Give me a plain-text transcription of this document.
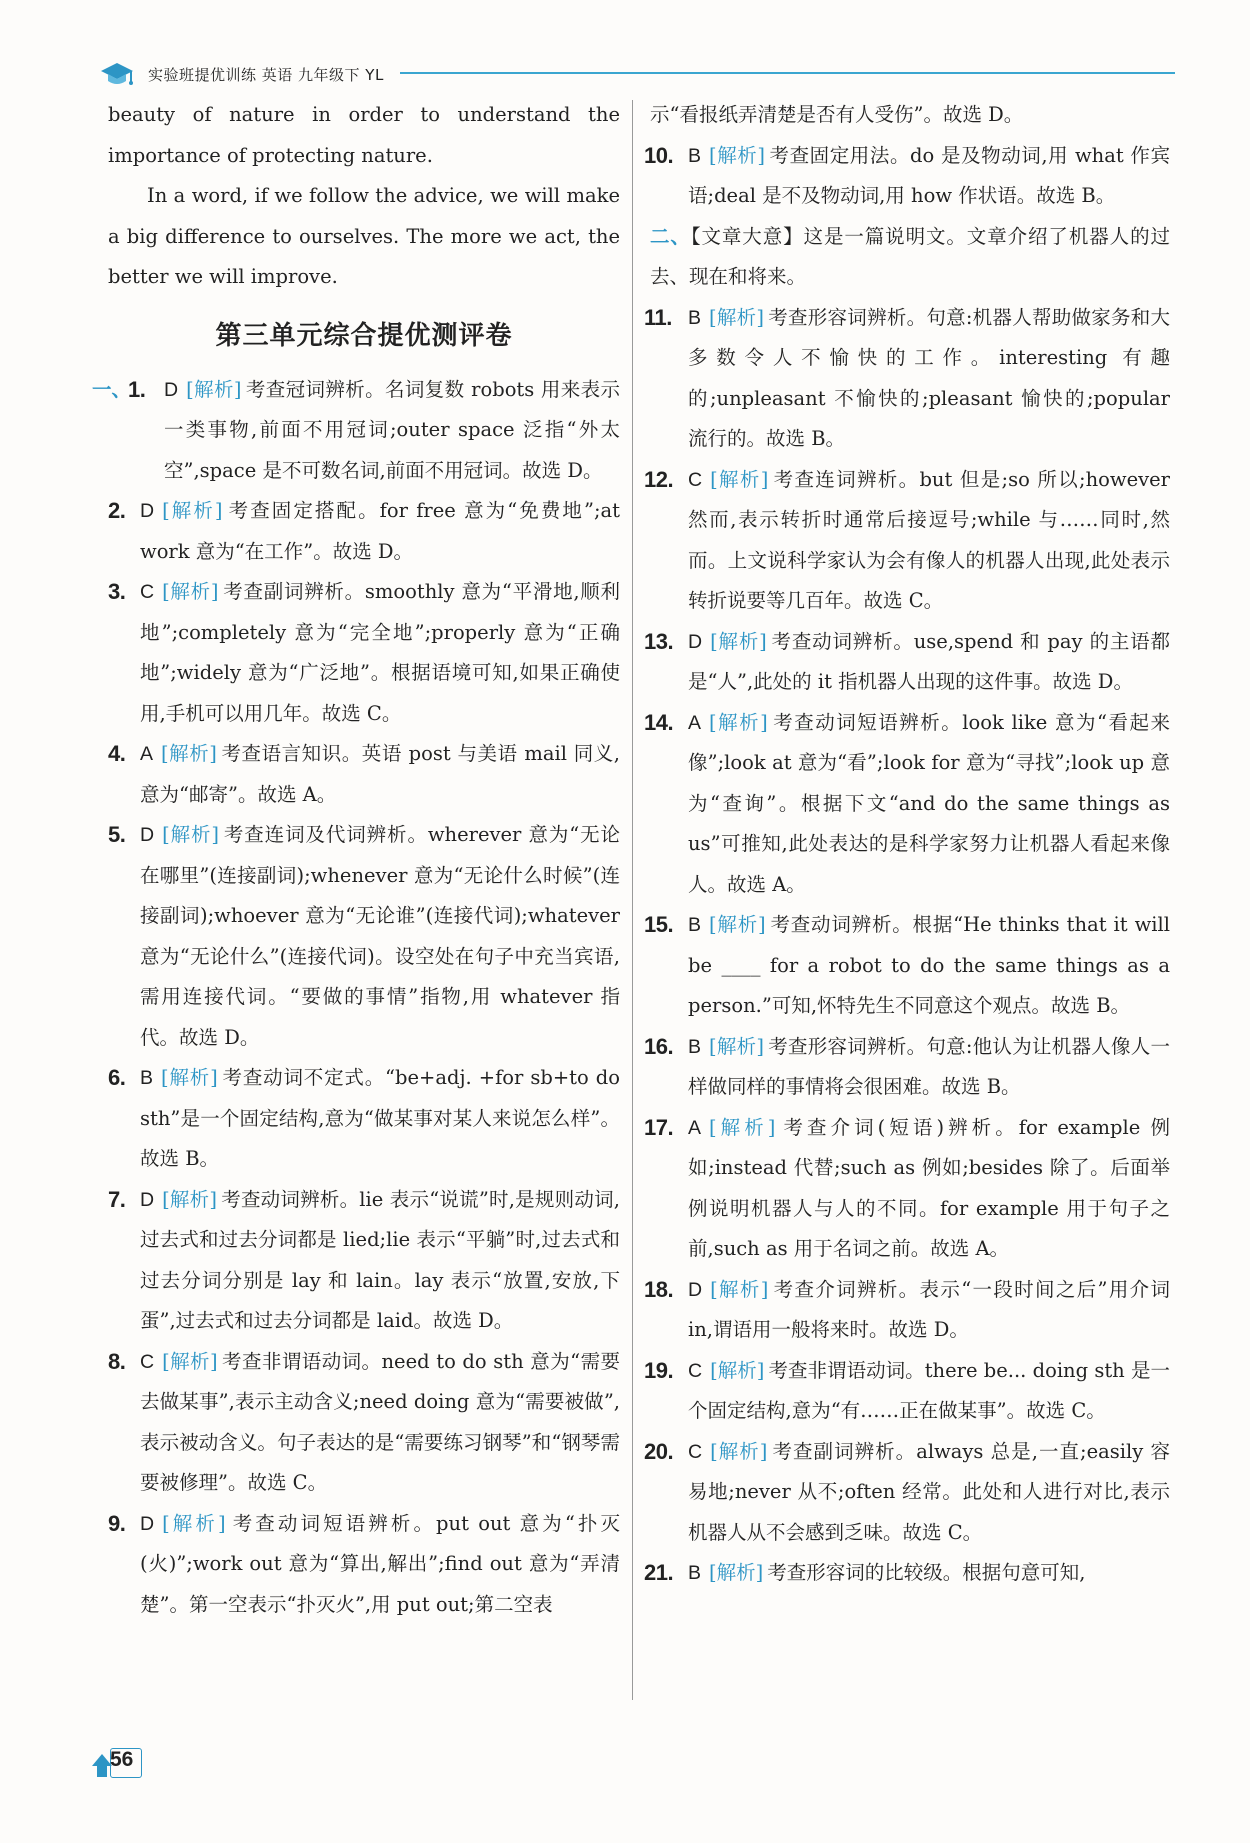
实验班提优训练 英语 九年级下 YL
beauty of nature in order to understand the importance of protecting nature.
In a word, if we follow the advice, we will make a big difference to ourselves. The more we act, the better we will improve.
第三单元综合提优测评卷
一、
1. D [解析] 考查冠词辨析。名词复数 robots 用来表示一类事物,前面不用冠词;outer space 泛指“外太空”,space 是不可数名词,前面不用冠词。故选 D。
2. D [解析] 考查固定搭配。for free 意为“免费地”;at work 意为“在工作”。故选 D。
3. C [解析] 考查副词辨析。smoothly 意为“平滑地,顺利地”;completely 意为“完全地”;properly 意为“正确地”;widely 意为“广泛地”。根据语境可知,如果正确使用,手机可以用几年。故选 C。
4. A [解析] 考查语言知识。英语 post 与美语 mail 同义,意为“邮寄”。故选 A。
5. D [解析] 考查连词及代词辨析。wherever 意为“无论在哪里”(连接副词);whenever 意为“无论什么时候”(连接副词);whoever 意为“无论谁”(连接代词);whatever 意为“无论什么”(连接代词)。设空处在句子中充当宾语,需用连接代词。“要做的事情”指物,用 whatever 指代。故选 D。
6. B [解析] 考查动词不定式。“be+adj. +for sb+to do sth”是一个固定结构,意为“做某事对某人来说怎么样”。故选 B。
7. D [解析] 考查动词辨析。lie 表示“说谎”时,是规则动词,过去式和过去分词都是 lied;lie 表示“平躺”时,过去式和过去分词分别是 lay 和 lain。lay 表示“放置,安放,下蛋”,过去式和过去分词都是 laid。故选 D。
8. C [解析] 考查非谓语动词。need to do sth 意为“需要去做某事”,表示主动含义;need doing 意为“需要被做”,表示被动含义。句子表达的是“需要练习钢琴”和“钢琴需要被修理”。故选 C。
9. D [解析] 考查动词短语辨析。put out 意为“扑灭(火)”;work out 意为“算出,解出”;find out 意为“弄清楚”。第一空表示“扑灭火”,用 put out;第二空表
示“看报纸弄清楚是否有人受伤”。故选 D。
10. B [解析] 考查固定用法。do 是及物动词,用 what 作宾语;deal 是不及物动词,用 how 作状语。故选 B。
二、【文章大意】这是一篇说明文。文章介绍了机器人的过去、现在和将来。
11. B [解析] 考查形容词辨析。句意:机器人帮助做家务和大多数令人不愉快的工作。interesting 有趣的;unpleasant 不愉快的;pleasant 愉快的;popular 流行的。故选 B。
12. C [解析] 考查连词辨析。but 但是;so 所以;however 然而,表示转折时通常后接逗号;while 与……同时,然而。上文说科学家认为会有像人的机器人出现,此处表示转折说要等几百年。故选 C。
13. D [解析] 考查动词辨析。use,spend 和 pay 的主语都是“人”,此处的 it 指机器人出现的这件事。故选 D。
14. A [解析] 考查动词短语辨析。look like 意为“看起来像”;look at 意为“看”;look for 意为“寻找”;look up 意为“查询”。根据下文“and do the same things as us”可推知,此处表达的是科学家努力让机器人看起来像人。故选 A。
15. B [解析] 考查动词辨析。根据“He thinks that it will be ____ for a robot to do the same things as a person.”可知,怀特先生不同意这个观点。故选 B。
16. B [解析] 考查形容词辨析。句意:他认为让机器人像人一样做同样的事情将会很困难。故选 B。
17. A [解析] 考查介词(短语)辨析。for example 例如;instead 代替;such as 例如;besides 除了。后面举例说明机器人与人的不同。for example 用于句子之前,such as 用于名词之前。故选 A。
18. D [解析] 考查介词辨析。表示“一段时间之后”用介词 in,谓语用一般将来时。故选 D。
19. C [解析] 考查非谓语动词。there be... doing sth 是一个固定结构,意为“有……正在做某事”。故选 C。
20. C [解析] 考查副词辨析。always 总是,一直;easily 容易地;never 从不;often 经常。此处和人进行对比,表示机器人从不会感到乏味。故选 C。
21. B [解析] 考查形容词的比较级。根据句意可知,
56
